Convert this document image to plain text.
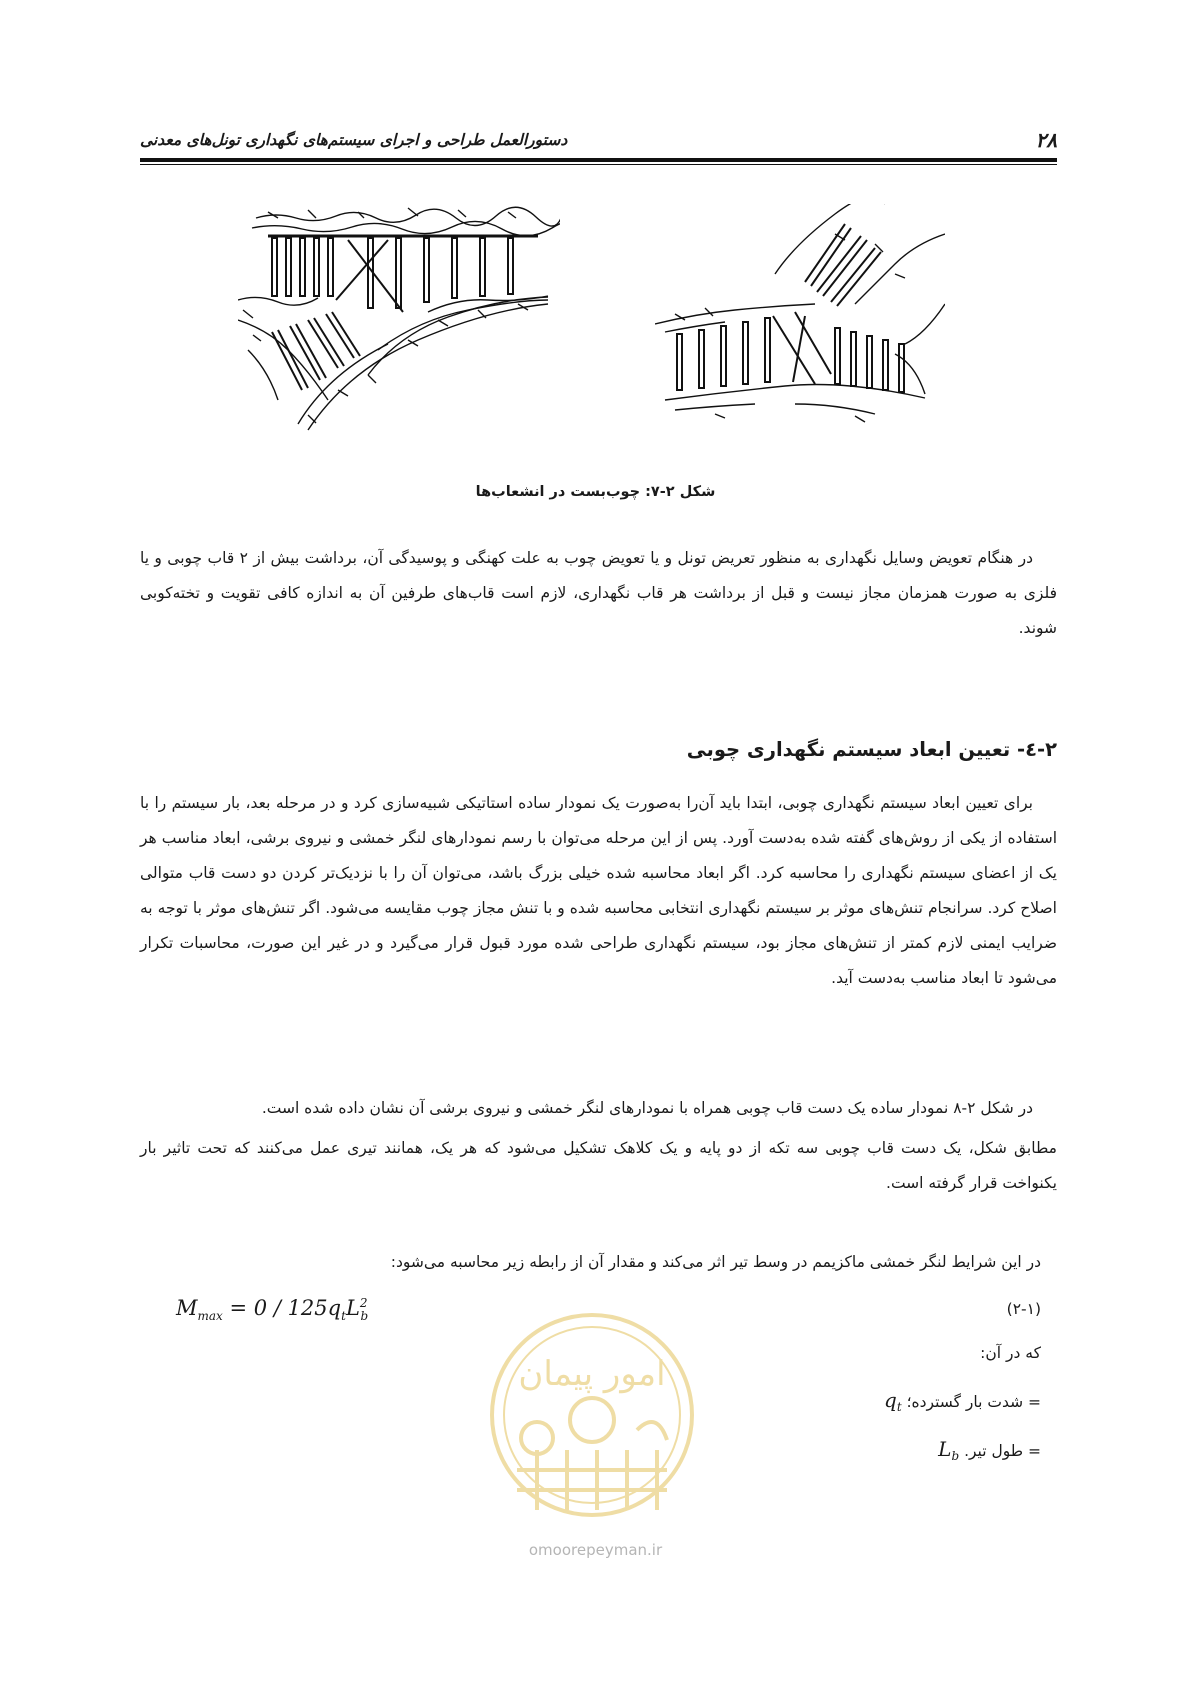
۲۸
دستورالعمل طراحی و اجرای سیستم‌های نگهداری تونل‌های معدنی
شکل ۲-۷: چوب‌بست در انشعاب‌ها
در هنگام تعویض وسایل نگهداری به منظور تعریض تونل و یا تعویض چوب به علت کهنگی و پوسیدگی آن، برداشت بیش از ۲ قاب چوبی و یا فلزی به صورت همزمان مجاز نیست و قبل از برداشت هر قاب نگهداری، لازم است قاب‌های طرفین آن به اندازه کافی تقویت و تخته‌کوبی شوند.
۲-٤- تعیین ابعاد سیستم نگهداری چوبی
برای تعیین ابعاد سیستم نگهداری چوبی، ابتدا باید آن‌را به‌صورت یک نمودار ساده استاتیکی شبیه‌سازی کرد و در مرحله بعد، بار سیستم را با استفاده از یکی از روش‌های گفته شده به‌دست آورد. پس از این مرحله می‌توان با رسم نمودارهای لنگر خمشی و نیروی برشی، ابعاد مناسب هر یک از اعضای سیستم نگهداری را محاسبه کرد. اگر ابعاد محاسبه شده خیلی بزرگ باشد، می‌توان آن را با نزدیک‌تر کردن دو دست قاب متوالی اصلاح کرد. سرانجام تنش‌های موثر بر سیستم نگهداری انتخابی محاسبه شده و با تنش مجاز چوب مقایسه می‌شود. اگر تنش‌های موثر با توجه به ضرایب ایمنی لازم کمتر از تنش‌های مجاز بود، سیستم نگهداری طراحی شده مورد قبول قرار می‌گیرد و در غیر این صورت، محاسبات تکرار می‌شود تا ابعاد مناسب به‌دست آید.
در شکل ۲-۸ نمودار ساده یک دست قاب چوبی همراه با نمودارهای لنگر خمشی و نیروی برشی آن نشان داده شده است.
مطابق شکل، یک دست قاب چوبی سه تکه از دو پایه و یک کلاهک تشکیل می‌شود که هر یک، همانند تیری عمل می‌کنند که تحت تاثیر بار یکنواخت قرار گرفته است.
در این شرایط لنگر خمشی ماکزیمم در وسط تیر اثر می‌کند و مقدار آن از رابطه زیر محاسبه می‌شود:
$M_{max} = 0 / 125q_tL^2_b$	(۲-۱)
که در آن:
= شدت بار گسترده؛ $q_t$
= طول تیر. $L_b$
امور پیمان
omoorepeyman.ir
